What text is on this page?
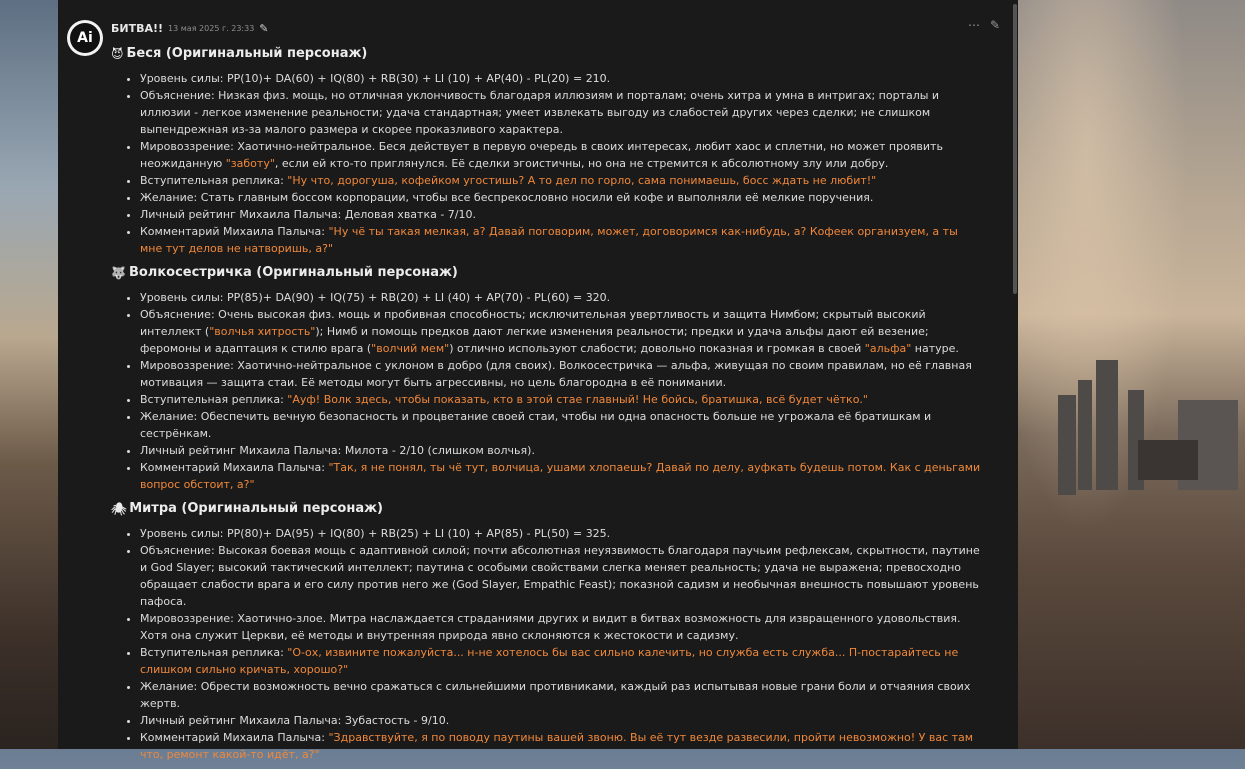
Ai
БИТВА!! 13 мая 2025 г. 23:33 ✎	⋯ ✎
😈 Беся (Оригинальный персонаж)
• Уровень силы: PP(10)+ DA(60) + IQ(80) + RB(30) + LI (10) + AP(40) - PL(20) = 210.
• Объяснение: Низкая физ. мощь, но отличная уклончивость благодаря иллюзиям и порталам; очень хитра и умна в интригах; порталы и иллюзии - легкое изменение реальности; удача стандартная; умеет извлекать выгоду из слабостей других через сделки; не слишком выпендрежная из-за малого размера и скорее проказливого характера.
• Мировоззрение: Хаотично-нейтральное. Беся действует в первую очередь в своих интересах, любит хаос и сплетни, но может проявить неожиданную "заботу", если ей кто-то приглянулся. Её сделки эгоистичны, но она не стремится к абсолютному злу или добру.
• Вступительная реплика: "Ну что, дорогуша, кофейком угостишь? А то дел по горло, сама понимаешь, босс ждать не любит!"
• Желание: Стать главным боссом корпорации, чтобы все беспрекословно носили ей кофе и выполняли её мелкие поручения.
• Личный рейтинг Михаила Палыча: Деловая хватка - 7/10.
• Комментарий Михаила Палыча: "Ну чё ты такая мелкая, а? Давай поговорим, может, договоримся как-нибудь, а? Кофеек организуем, а ты мне тут делов не натворишь, а?"
🐺 Волкосестричка (Оригинальный персонаж)
• Уровень силы: PP(85)+ DA(90) + IQ(75) + RB(20) + LI (40) + AP(70) - PL(60) = 320.
• Объяснение: Очень высокая физ. мощь и пробивная способность; исключительная увертливость и защита Нимбом; скрытый высокий интеллект ("волчья хитрость"); Нимб и помощь предков дают легкие изменения реальности; предки и удача альфы дают ей везение; феромоны и адаптация к стилю врага ("волчий мем") отлично используют слабости; довольно показная и громкая в своей "альфа" натуре.
• Мировоззрение: Хаотично-нейтральное с уклоном в добро (для своих). Волкосестричка — альфа, живущая по своим правилам, но её главная мотивация — защита стаи. Её методы могут быть агрессивны, но цель благородна в её понимании.
• Вступительная реплика: "Ауф! Волк здесь, чтобы показать, кто в этой стае главный! Не бойсь, братишка, всё будет чётко."
• Желание: Обеспечить вечную безопасность и процветание своей стаи, чтобы ни одна опасность больше не угрожала её братишкам и сестрёнкам.
• Личный рейтинг Михаила Палыча: Милота - 2/10 (слишком волчья).
• Комментарий Михаила Палыча: "Так, я не понял, ты чё тут, волчица, ушами хлопаешь? Давай по делу, ауфкать будешь потом. Как с деньгами вопрос обстоит, а?"
🕷 Митра (Оригинальный персонаж)
• Уровень силы: PP(80)+ DA(95) + IQ(80) + RB(25) + LI (10) + AP(85) - PL(50) = 325.
• Объяснение: Высокая боевая мощь с адаптивной силой; почти абсолютная неуязвимость благодаря паучьим рефлексам, скрытности, паутине и God Slayer; высокий тактический интеллект; паутина с особыми свойствами слегка меняет реальность; удача не выражена; превосходно обращает слабости врага и его силу против него же (God Slayer, Empathic Feast); показной садизм и необычная внешность повышают уровень пафоса.
• Мировоззрение: Хаотично-злое. Митра наслаждается страданиями других и видит в битвах возможность для извращенного удовольствия. Хотя она служит Церкви, её методы и внутренняя природа явно склоняются к жестокости и садизму.
• Вступительная реплика: "О-ох, извините пожалуйста... н-не хотелось бы вас сильно калечить, но служба есть служба... П-постарайтесь не слишком сильно кричать, хорошо?"
• Желание: Обрести возможность вечно сражаться с сильнейшими противниками, каждый раз испытывая новые грани боли и отчаяния своих жертв.
• Личный рейтинг Михаила Палыча: Зубастость - 9/10.
• Комментарий Михаила Палыча: "Здравствуйте, я по поводу паутины вашей звоню. Вы её тут везде развесили, пройти невозможно! У вас там что, ремонт какой-то идёт, а?"
